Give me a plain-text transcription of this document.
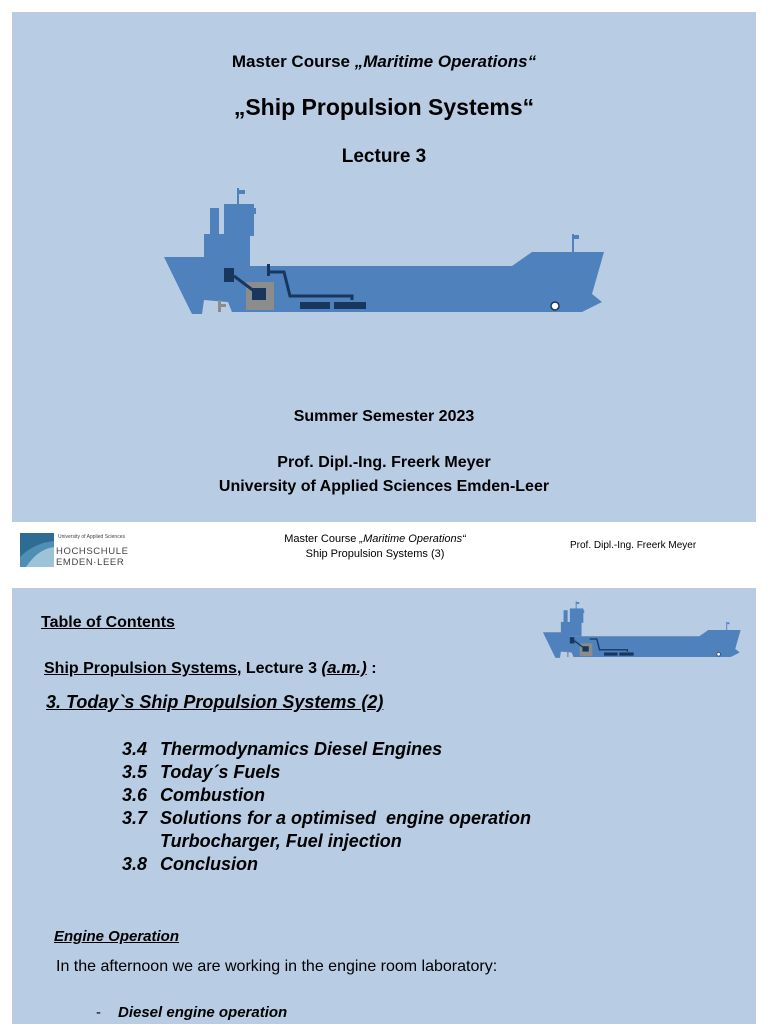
Master Course „Maritime Operations“
„Ship Propulsion Systems“
Lecture 3
Summer Semester 2023
Prof. Dipl.-Ing. Freerk Meyer
University of Applied Sciences Emden-Leer
University of Applied Sciences
HOCHSCHULE
EMDEN·LEER
Master Course „Maritime Operations“
Ship Propulsion Systems (3)
Prof. Dipl.-Ing. Freerk Meyer
Table of Contents
Ship Propulsion Systems, Lecture 3 (a.m.) :
3. Today`s Ship Propulsion Systems (2)
3.4 Thermodynamics Diesel Engines
3.5 Today´s Fuels
3.6 Combustion
3.7 Solutions for a optimised  engine operation
Turbocharger, Fuel injection
3.8 Conclusion
Engine Operation
In the afternoon we are working in the engine room laboratory:
- Diesel engine operation
